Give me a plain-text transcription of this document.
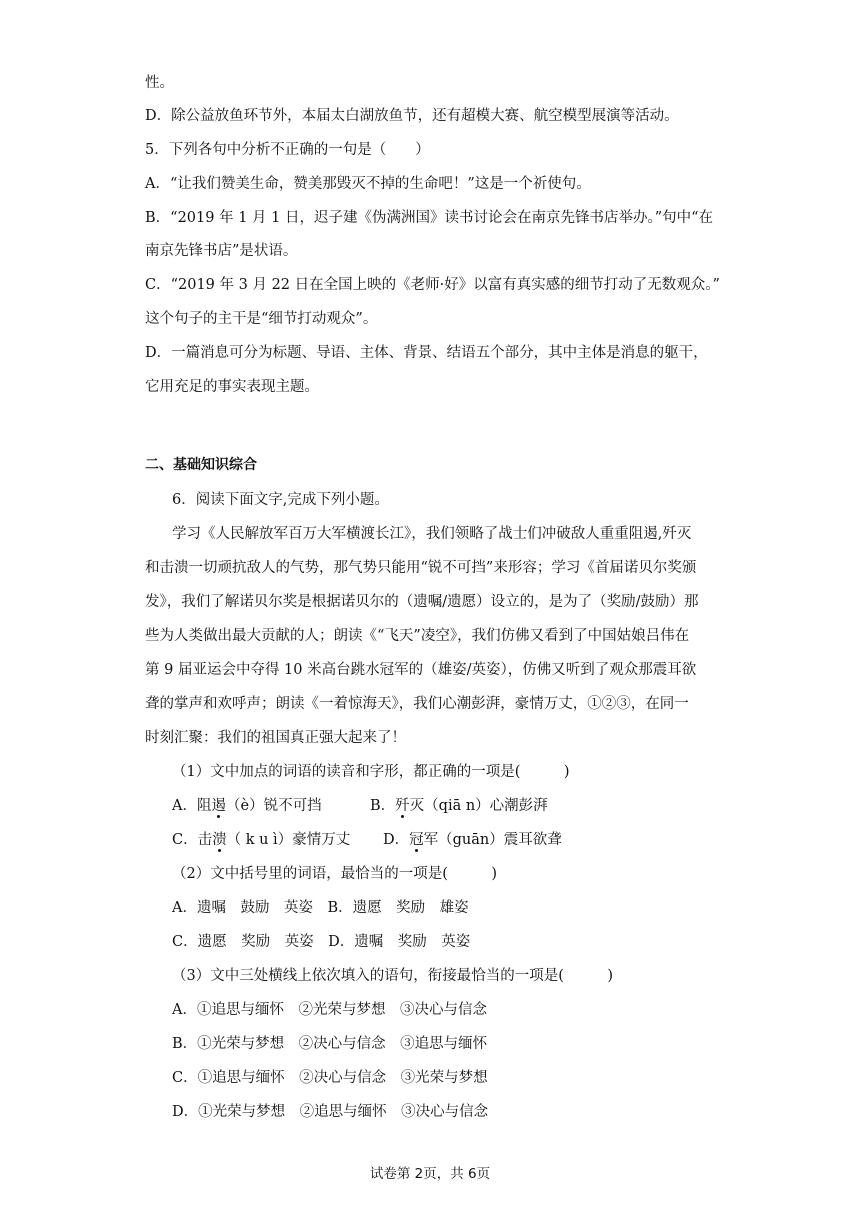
性。
D．除公益放鱼环节外，本届太白湖放鱼节，还有超模大赛、航空模型展演等活动。
5．下列各句中分析不正确的一句是（　　）
A．“让我们赞美生命，赞美那毁灭不掉的生命吧！”这是一个祈使句。
B．“2019 年 1 月 1 日，迟子建《伪满洲国》读书讨论会在南京先锋书店举办。”句中“在
南京先锋书店”是状语。
C．“2019 年 3 月 22 日在全国上映的《老师·好》以富有真实感的细节打动了无数观众。”
这个句子的主干是“细节打动观众”。
D．一篇消息可分为标题、导语、主体、背景、结语五个部分，其中主体是消息的躯干，
它用充足的事实表现主题。
二、基础知识综合
6．阅读下面文字,完成下列小题。
学习《人民解放军百万大军横渡长江》，我们领略了战士们冲破敌人重重阻遏,歼灭
和击溃一切顽抗敌人的气势，那气势只能用“锐不可挡”来形容；学习《首届诺贝尔奖颁
发》，我们了解诺贝尔奖是根据诺贝尔的（遗嘱/遗愿）设立的，是为了（奖励/鼓励）那
些为人类做出最大贡献的人；朗读《“飞天”凌空》，我们仿佛又看到了中国姑娘吕伟在
第 9 届亚运会中夺得 10 米高台跳水冠军的（雄姿/英姿），仿佛又听到了观众那震耳欲
聋的掌声和欢呼声；朗读《一着惊海天》，我们心潮彭湃，豪情万丈，①②③，在同一
时刻汇聚：我们的祖国真正强大起来了！
（1）文中加点的词语的读音和字形，都正确的一项是(　　　)
A．阻遏（è）锐不可挡	B．歼灭（qiā n）心潮彭湃
C．击溃（ k u ì）豪情万丈 D．冠军（guān）震耳欲聋
（2）文中括号里的词语，最恰当的一项是(　　　)
A．遗嘱　鼓励　英姿　B．遗愿　奖励　雄姿
C．遗愿　奖励　英姿　D．遗嘱　奖励　英姿
（3）文中三处横线上依次填入的语句，衔接最恰当的一项是(　　　)
A．①追思与缅怀　②光荣与梦想　③决心与信念
B．①光荣与梦想　②决心与信念　③追思与缅怀
C．①追思与缅怀　②决心与信念　③光荣与梦想
D．①光荣与梦想　②追思与缅怀　③决心与信念
试卷第 2页，共 6页
